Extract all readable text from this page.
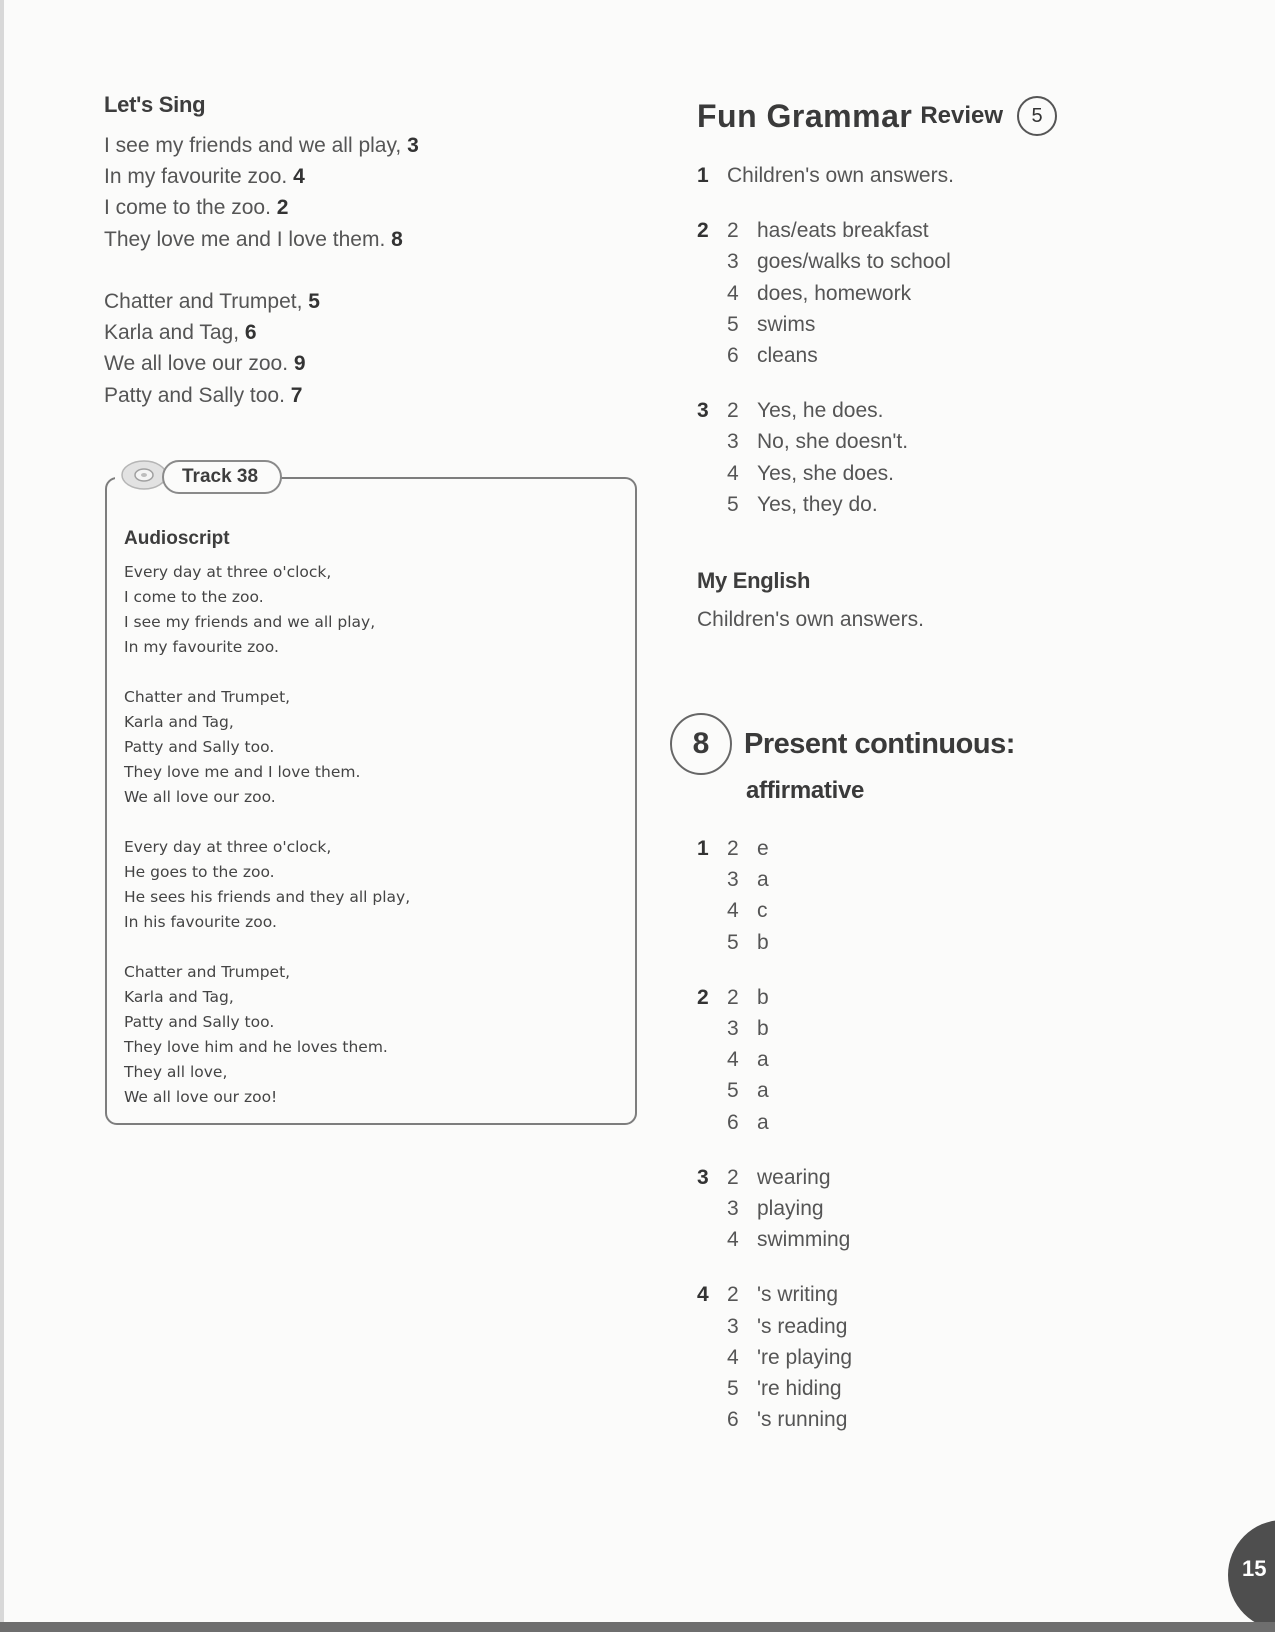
Let's Sing
I see my friends and we all play, 3
In my favourite zoo. 4
I come to the zoo. 2
They love me and I love them. 8
Chatter and Trumpet, 5
Karla and Tag, 6
We all love our zoo. 9
Patty and Sally too. 7
Track 38
Audioscript
Every day at three o'clock,
I come to the zoo.
I see my friends and we all play,
In my favourite zoo.
Chatter and Trumpet,
Karla and Tag,
Patty and Sally too.
They love me and I love them.
We all love our zoo.
Every day at three o'clock,
He goes to the zoo.
He sees his friends and they all play,
In his favourite zoo.
Chatter and Trumpet,
Karla and Tag,
Patty and Sally too.
They love him and he loves them.
They all love,
We all love our zoo!
Fun Grammar Review	5
1 Children's own answers.
2 2 has/eats breakfast
3 goes/walks to school
4 does, homework
5 swims
6 cleans
3 2 Yes, he does.
3 No, she doesn't.
4 Yes, she does.
5 Yes, they do.
My English
Children's own answers.
8	Present continuous:
affirmative
1 2 e
3 a
4 c
5 b
2 2 b
3 b
4 a
5 a
6 a
3 2 wearing
3 playing
4 swimming
4 2 's writing
3 's reading
4 're playing
5 're hiding
6 's running
15
